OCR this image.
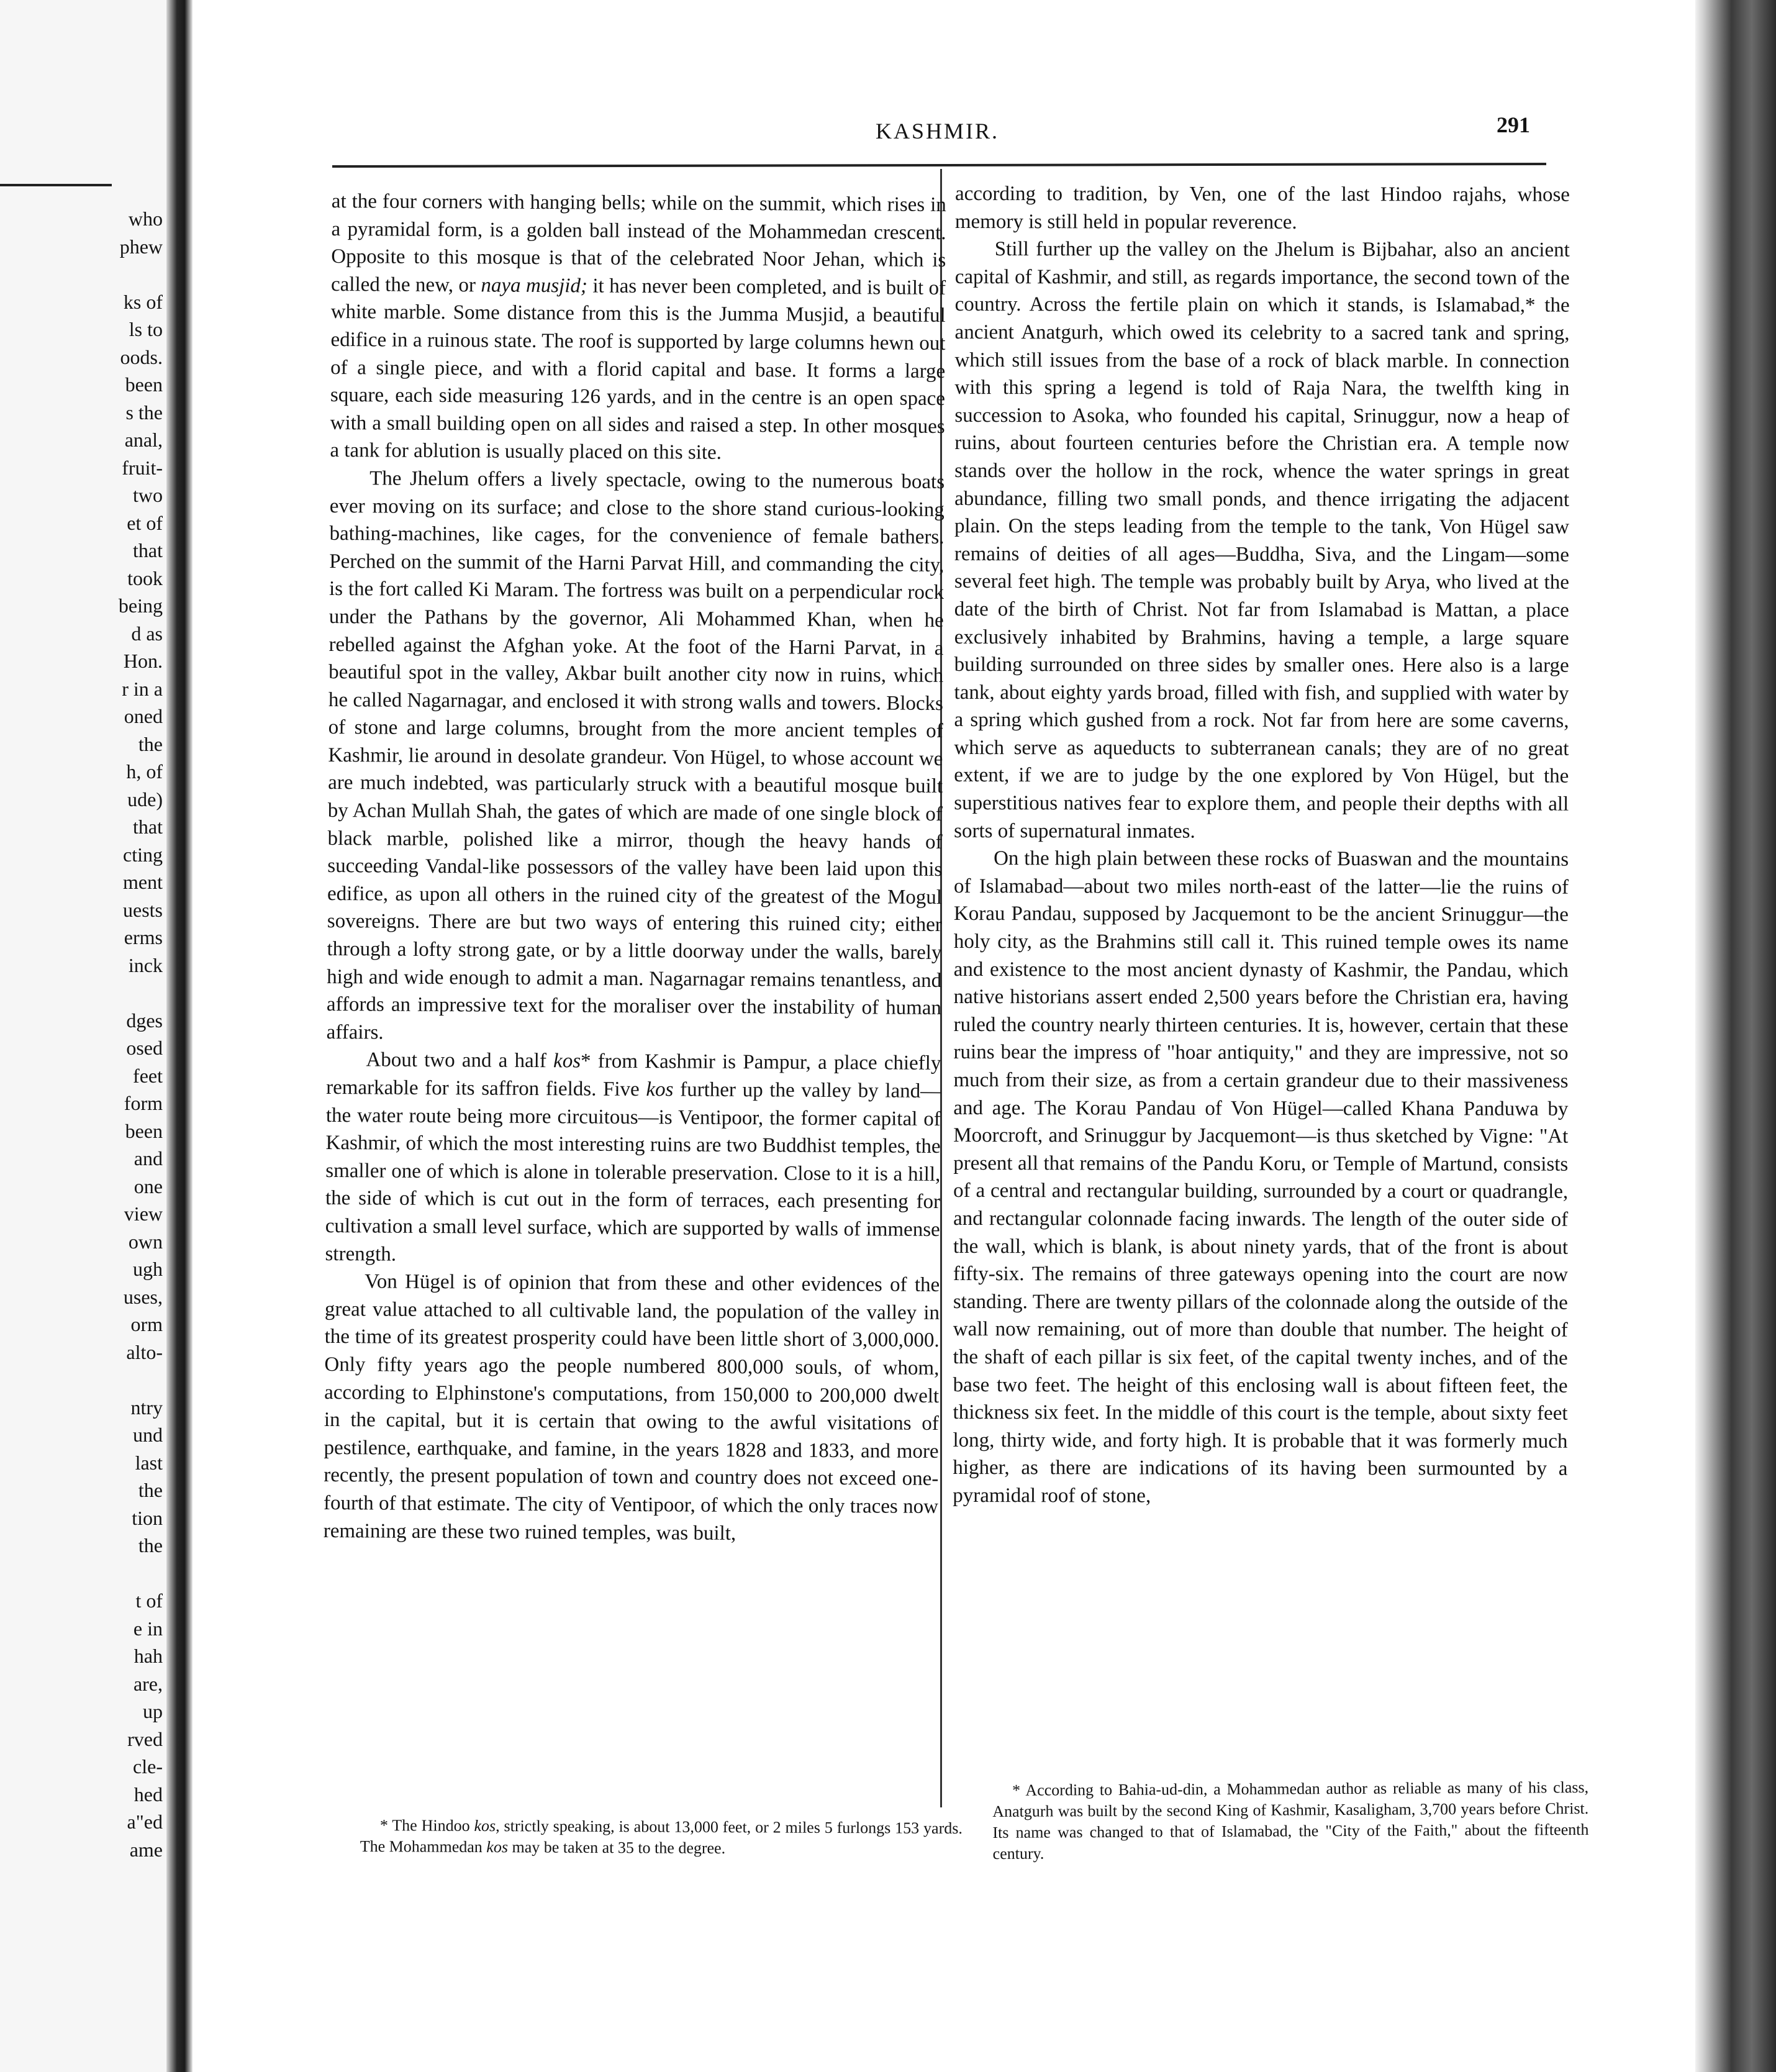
who
phew
ks of
ls to
oods.
been
s the
anal,
fruit-
two
et of
that
took
being
d as
Hon.
r in a
oned
the
h, of
ude)
that
cting
ment
uests
erms
inck
dges
osed
feet
form
been
and
one
view
own
ugh
uses,
orm
alto-
ntry
und
last
the
tion
the
t of
e in
hah
are,
up
rved
cle-
hed
a"ed
ame
KASHMIR.	291

at the four corners with hanging bells; while on the summit, which rises in a pyramidal form, is a golden ball instead of the Mohammedan crescent. Opposite to this mosque is that of the celebrated Noor Jehan, which is called the new, or naya musjid; it has never been completed, and is built of white marble. Some distance from this is the Jumma Musjid, a beautiful edifice in a ruinous state. The roof is supported by large columns hewn out of a single piece, and with a florid capital and base. It forms a large square, each side measuring 126 yards, and in the centre is an open space with a small building open on all sides and raised a step. In other mosques a tank for ablution is usually placed on this site.

The Jhelum offers a lively spectacle, owing to the numerous boats ever moving on its surface; and close to the shore stand curious-looking bathing-machines, like cages, for the convenience of female bathers. Perched on the summit of the Harni Parvat Hill, and commanding the city, is the fort called Ki Maram. The fortress was built on a perpendicular rock under the Pathans by the governor, Ali Mohammed Khan, when he rebelled against the Afghan yoke. At the foot of the Harni Parvat, in a beautiful spot in the valley, Akbar built another city now in ruins, which he called Nagarnagar, and enclosed it with strong walls and towers. Blocks of stone and large columns, brought from the more ancient temples of Kashmir, lie around in desolate grandeur. Von Hügel, to whose account we are much indebted, was particularly struck with a beautiful mosque built by Achan Mullah Shah, the gates of which are made of one single block of black marble, polished like a mirror, though the heavy hands of succeeding Vandal-like possessors of the valley have been laid upon this edifice, as upon all others in the ruined city of the greatest of the Mogul sovereigns. There are but two ways of entering this ruined city; either through a lofty strong gate, or by a little doorway under the walls, barely high and wide enough to admit a man. Nagarnagar remains tenantless, and affords an impressive text for the moraliser over the instability of human affairs.

About two and a half kos* from Kashmir is Pampur, a place chiefly remarkable for its saffron fields. Five kos further up the valley by land—the water route being more circuitous—is Ventipoor, the former capital of Kashmir, of which the most interesting ruins are two Buddhist temples, the smaller one of which is alone in tolerable preservation. Close to it is a hill, the side of which is cut out in the form of terraces, each presenting for cultivation a small level surface, which are supported by walls of immense strength.

Von Hügel is of opinion that from these and other evidences of the great value attached to all cultivable land, the population of the valley in the time of its greatest prosperity could have been little short of 3,000,000. Only fifty years ago the people numbered 800,000 souls, of whom, according to Elphinstone's computations, from 150,000 to 200,000 dwelt in the capital, but it is certain that owing to the awful visitations of pestilence, earthquake, and famine, in the years 1828 and 1833, and more recently, the present population of town and country does not exceed one-fourth of that estimate. The city of Ventipoor, of which the only traces now remaining are these two ruined temples, was built,

according to tradition, by Ven, one of the last Hindoo rajahs, whose memory is still held in popular reverence.

Still further up the valley on the Jhelum is Bijbahar, also an ancient capital of Kashmir, and still, as regards importance, the second town of the country. Across the fertile plain on which it stands, is Islamabad,* the ancient Anatgurh, which owed its celebrity to a sacred tank and spring, which still issues from the base of a rock of black marble. In connection with this spring a legend is told of Raja Nara, the twelfth king in succession to Asoka, who founded his capital, Srinuggur, now a heap of ruins, about fourteen centuries before the Christian era. A temple now stands over the hollow in the rock, whence the water springs in great abundance, filling two small ponds, and thence irrigating the adjacent plain. On the steps leading from the temple to the tank, Von Hügel saw remains of deities of all ages—Buddha, Siva, and the Lingam—some several feet high. The temple was probably built by Arya, who lived at the date of the birth of Christ. Not far from Islamabad is Mattan, a place exclusively inhabited by Brahmins, having a temple, a large square building surrounded on three sides by smaller ones. Here also is a large tank, about eighty yards broad, filled with fish, and supplied with water by a spring which gushed from a rock. Not far from here are some caverns, which serve as aqueducts to subterranean canals; they are of no great extent, if we are to judge by the one explored by Von Hügel, but the superstitious natives fear to explore them, and people their depths with all sorts of supernatural inmates.

On the high plain between these rocks of Buaswan and the mountains of Islamabad—about two miles north-east of the latter—lie the ruins of Korau Pandau, supposed by Jacquemont to be the ancient Srinuggur—the holy city, as the Brahmins still call it. This ruined temple owes its name and existence to the most ancient dynasty of Kashmir, the Pandau, which native historians assert ended 2,500 years before the Christian era, having ruled the country nearly thirteen centuries. It is, however, certain that these ruins bear the impress of "hoar antiquity," and they are impressive, not so much from their size, as from a certain grandeur due to their massiveness and age. The Korau Pandau of Von Hügel—called Khana Panduwa by Moorcroft, and Srinuggur by Jacquemont—is thus sketched by Vigne: "At present all that remains of the Pandu Koru, or Temple of Martund, consists of a central and rectangular building, surrounded by a court or quadrangle, and rectangular colonnade facing inwards. The length of the outer side of the wall, which is blank, is about ninety yards, that of the front is about fifty-six. The remains of three gateways opening into the court are now standing. There are twenty pillars of the colonnade along the outside of the wall now remaining, out of more than double that number. The height of the shaft of each pillar is six feet, of the capital twenty inches, and of the base two feet. The height of this enclosing wall is about fifteen feet, the thickness six feet. In the middle of this court is the temple, about sixty feet long, thirty wide, and forty high. It is probable that it was formerly much higher, as there are indications of its having been surmounted by a pyramidal roof of stone,

* The Hindoo kos, strictly speaking, is about 13,000 feet, or 2 miles 5 furlongs 153 yards. The Mohammedan kos may be taken at 35 to the degree.

* According to Bahia-ud-din, a Mohammedan author as reliable as many of his class, Anatgurh was built by the second King of Kashmir, Kasaligham, 3,700 years before Christ. Its name was changed to that of Islamabad, the "City of the Faith," about the fifteenth century.
